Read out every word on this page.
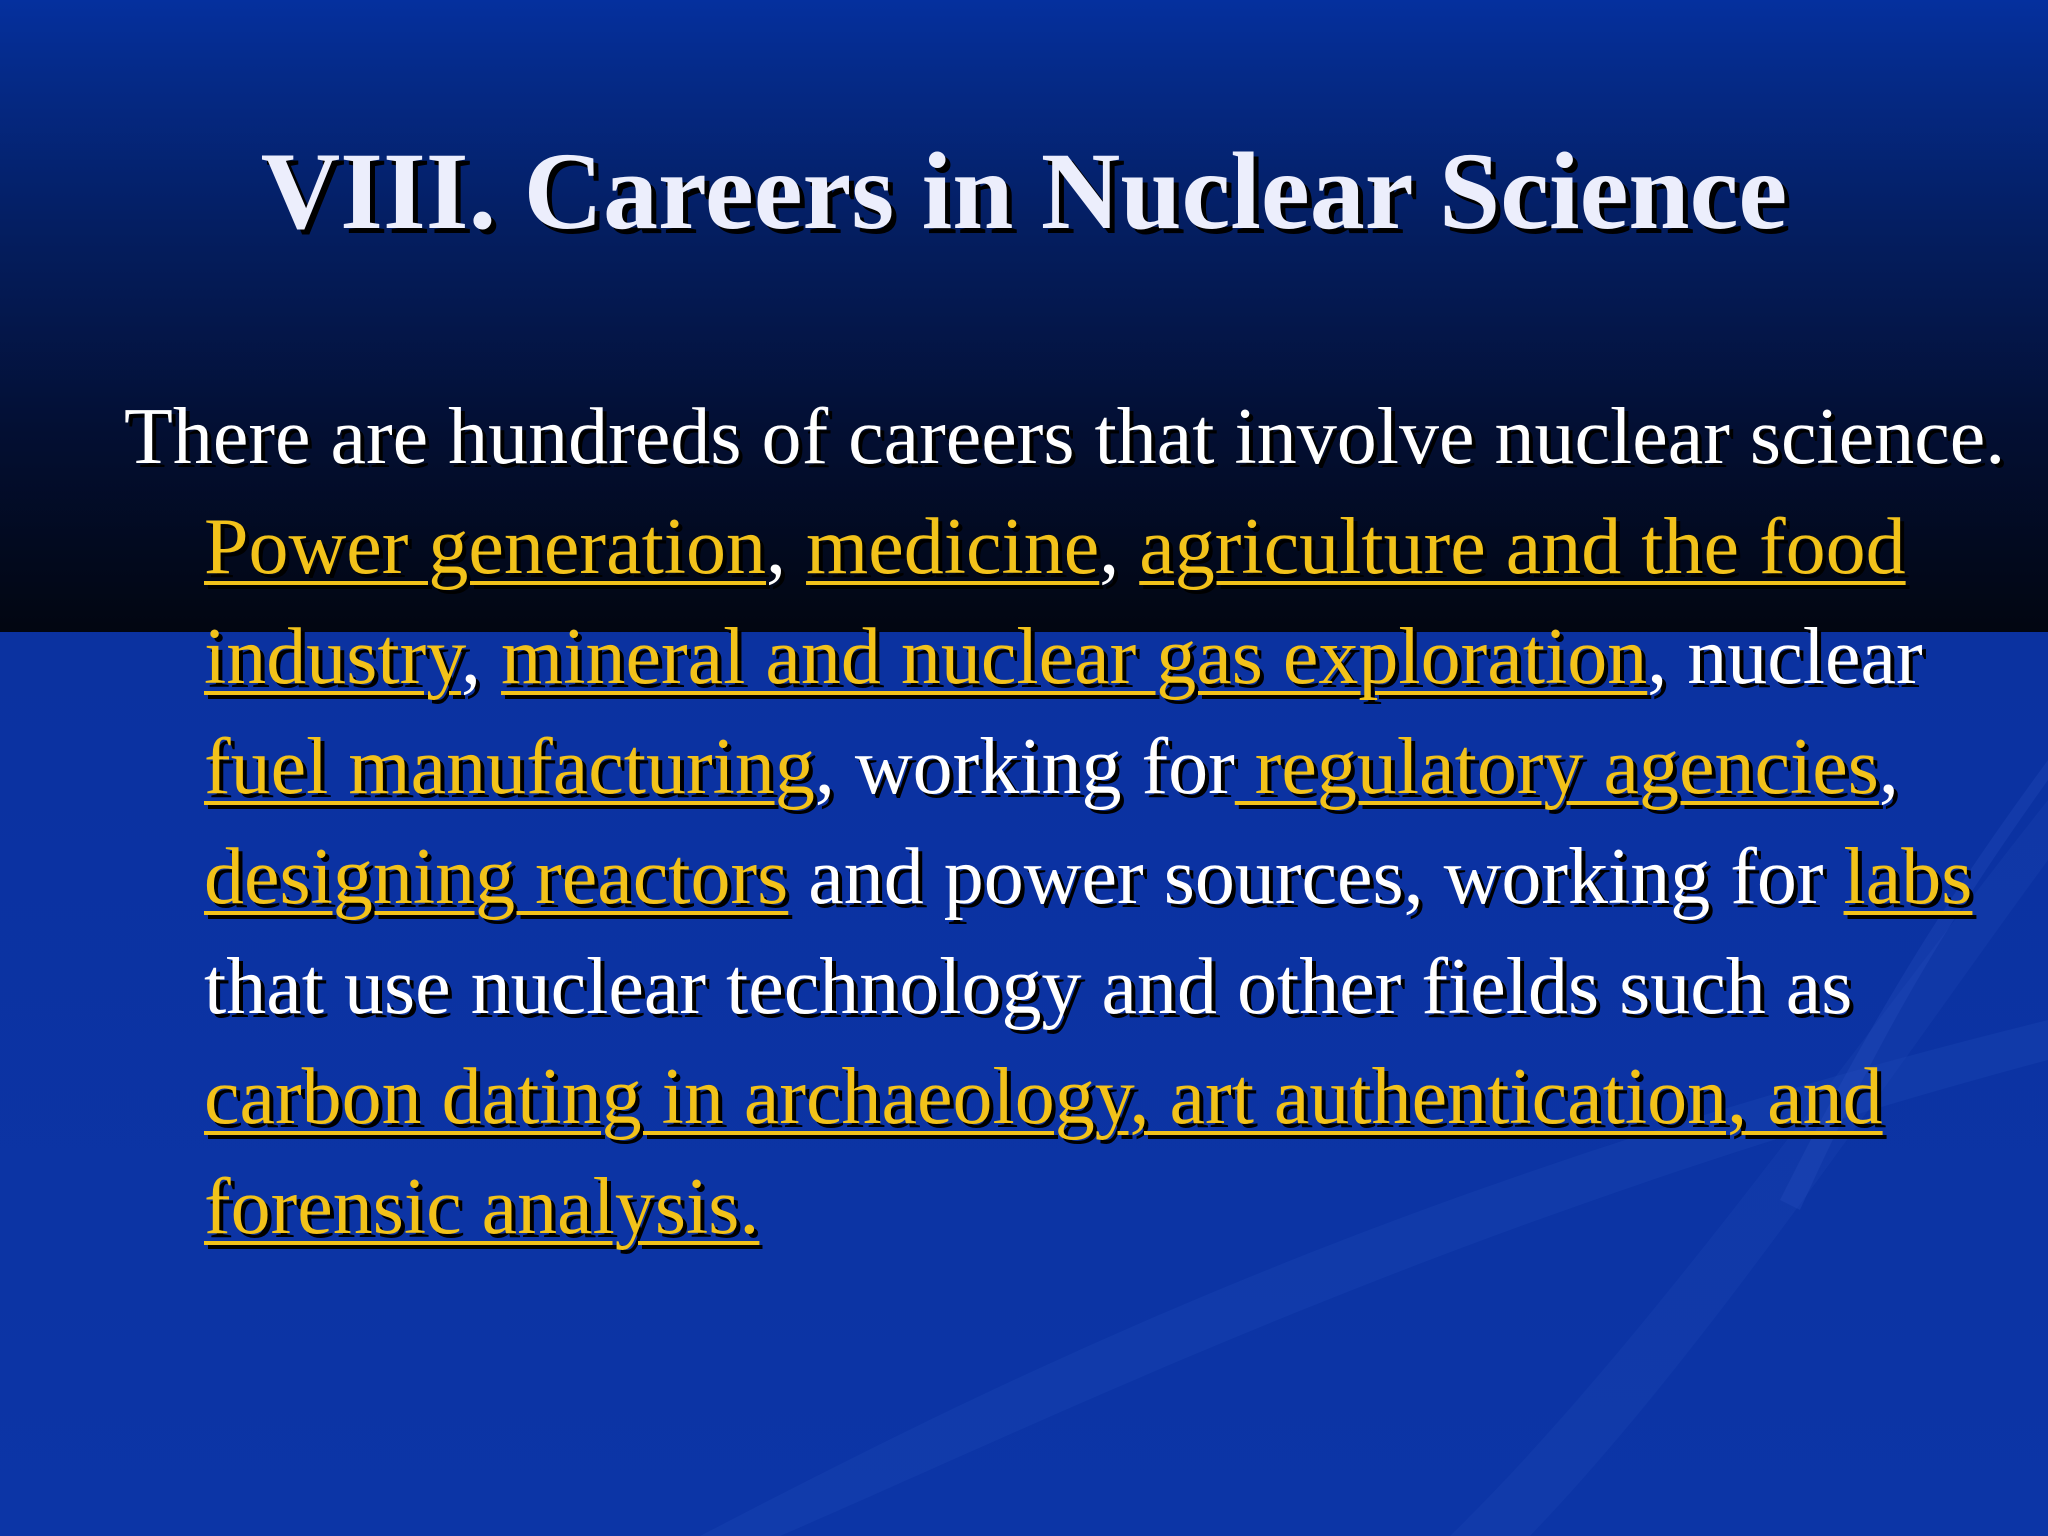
VIII. Careers in Nuclear Science

There are hundreds of careers that involve nuclear science. Power generation, medicine, agriculture and the food industry, mineral and nuclear gas exploration, nuclear fuel manufacturing, working for regulatory agencies, designing reactors and power sources, working for labs that use nuclear technology and other fields such as carbon dating in archaeology, art authentication, and forensic analysis.
